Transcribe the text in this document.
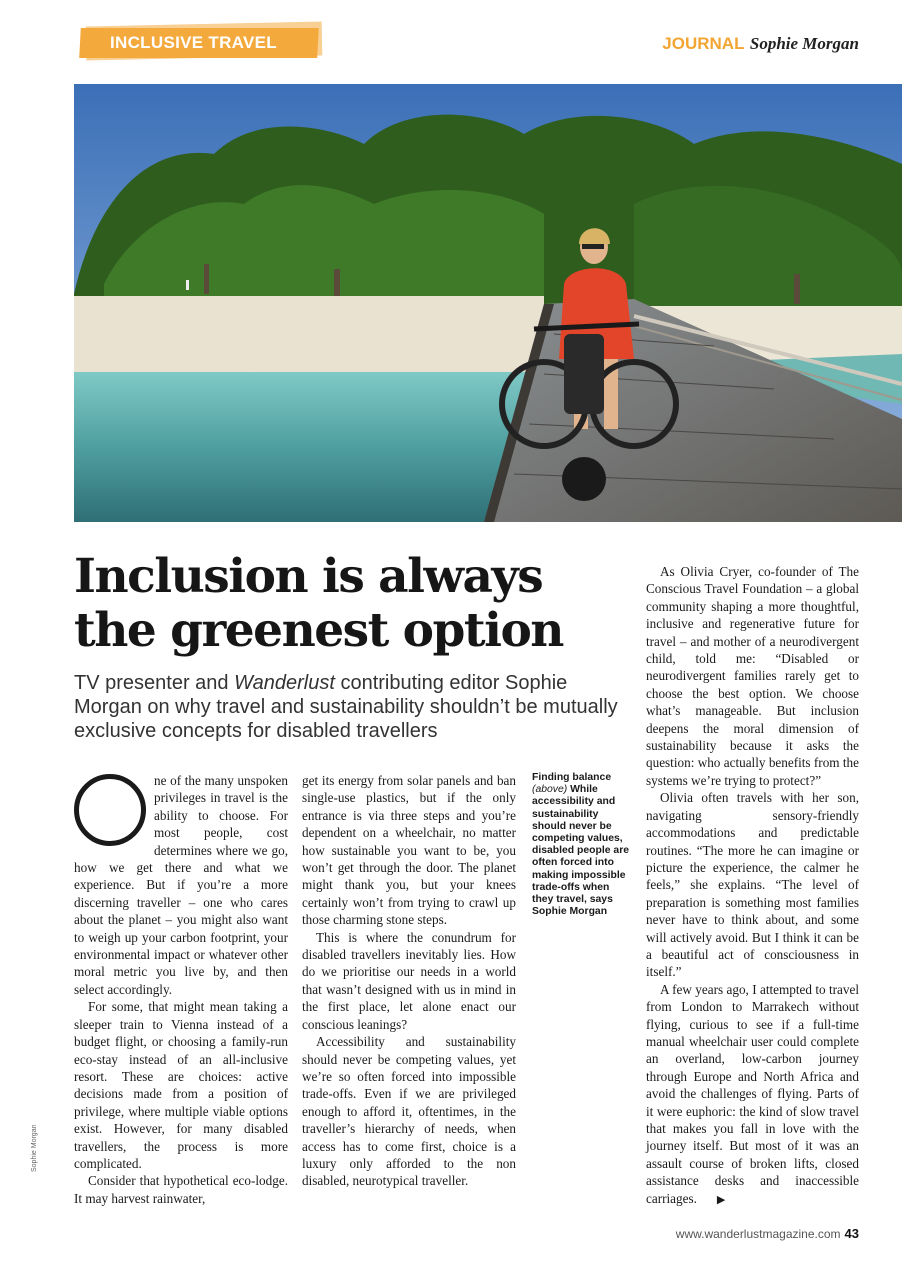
INCLUSIVE TRAVEL	JOURNAL Sophie Morgan
Inclusion is always the greenest option

TV presenter and Wanderlust contributing editor Sophie Morgan on why travel and sustainability shouldn’t be mutually exclusive concepts for disabled travellers

ne of the many unspoken privileges in travel is the ability to choose. For most people, cost determines where we go, how we get there and what we experience. But if you’re a more discerning traveller – one who cares about the planet – you might also want to weigh up your carbon footprint, your environmental impact or whatever other moral metric you live by, and then select accordingly.

For some, that might mean taking a sleeper train to Vienna instead of a budget flight, or choosing a family-run eco-stay instead of an all-inclusive resort. These are choices: active decisions made from a position of privilege, where multiple viable options exist. However, for many disabled travellers, the process is more complicated.

Consider that hypothetical eco-lodge. It may harvest rainwater,

get its energy from solar panels and ban single-use plastics, but if the only entrance is via three steps and you’re dependent on a wheelchair, no matter how sustainable you want to be, you won’t get through the door. The planet might thank you, but your knees certainly won’t from trying to crawl up those charming stone steps.

This is where the conundrum for disabled travellers inevitably lies. How do we prioritise our needs in a world that wasn’t designed with us in mind in the first place, let alone enact our conscious leanings?

Accessibility and sustainability should never be competing values, yet we’re so often forced into impossible trade-offs. Even if we are privileged enough to afford it, oftentimes, in the traveller’s hierarchy of needs, when access has to come first, choice is a luxury only afforded to the non disabled, neurotypical traveller.

Finding balance
(above) While accessibility and sustainability should never be competing values, disabled people are often forced into making impossible trade-offs when they travel, says Sophie Morgan

As Olivia Cryer, co-founder of The Conscious Travel Foundation – a global community shaping a more thoughtful, inclusive and regenerative future for travel – and mother of a neurodivergent child, told me: “Disabled or neurodivergent families rarely get to choose the best option. We choose what’s manageable. But inclusion deepens the moral dimension of sustainability because it asks the question: who actually benefits from the systems we’re trying to protect?”

Olivia often travels with her son, navigating sensory-friendly accommodations and predictable routines. “The more he can imagine or picture the experience, the calmer he feels,” she explains. “The level of preparation is something most families never have to think about, and some will actively avoid. But I think it can be a beautiful act of consciousness in itself.”

A few years ago, I attempted to travel from London to Marrakech without flying, curious to see if a full-time manual wheelchair user could complete an overland, low-carbon journey through Europe and North Africa and avoid the challenges of flying. Parts of it were euphoric: the kind of slow travel that makes you fall in love with the journey itself. But most of it was an assault course of broken lifts, closed assistance desks and inaccessible carriages. ▶

Sophie Morgan
www.wanderlustmagazine.com 43
